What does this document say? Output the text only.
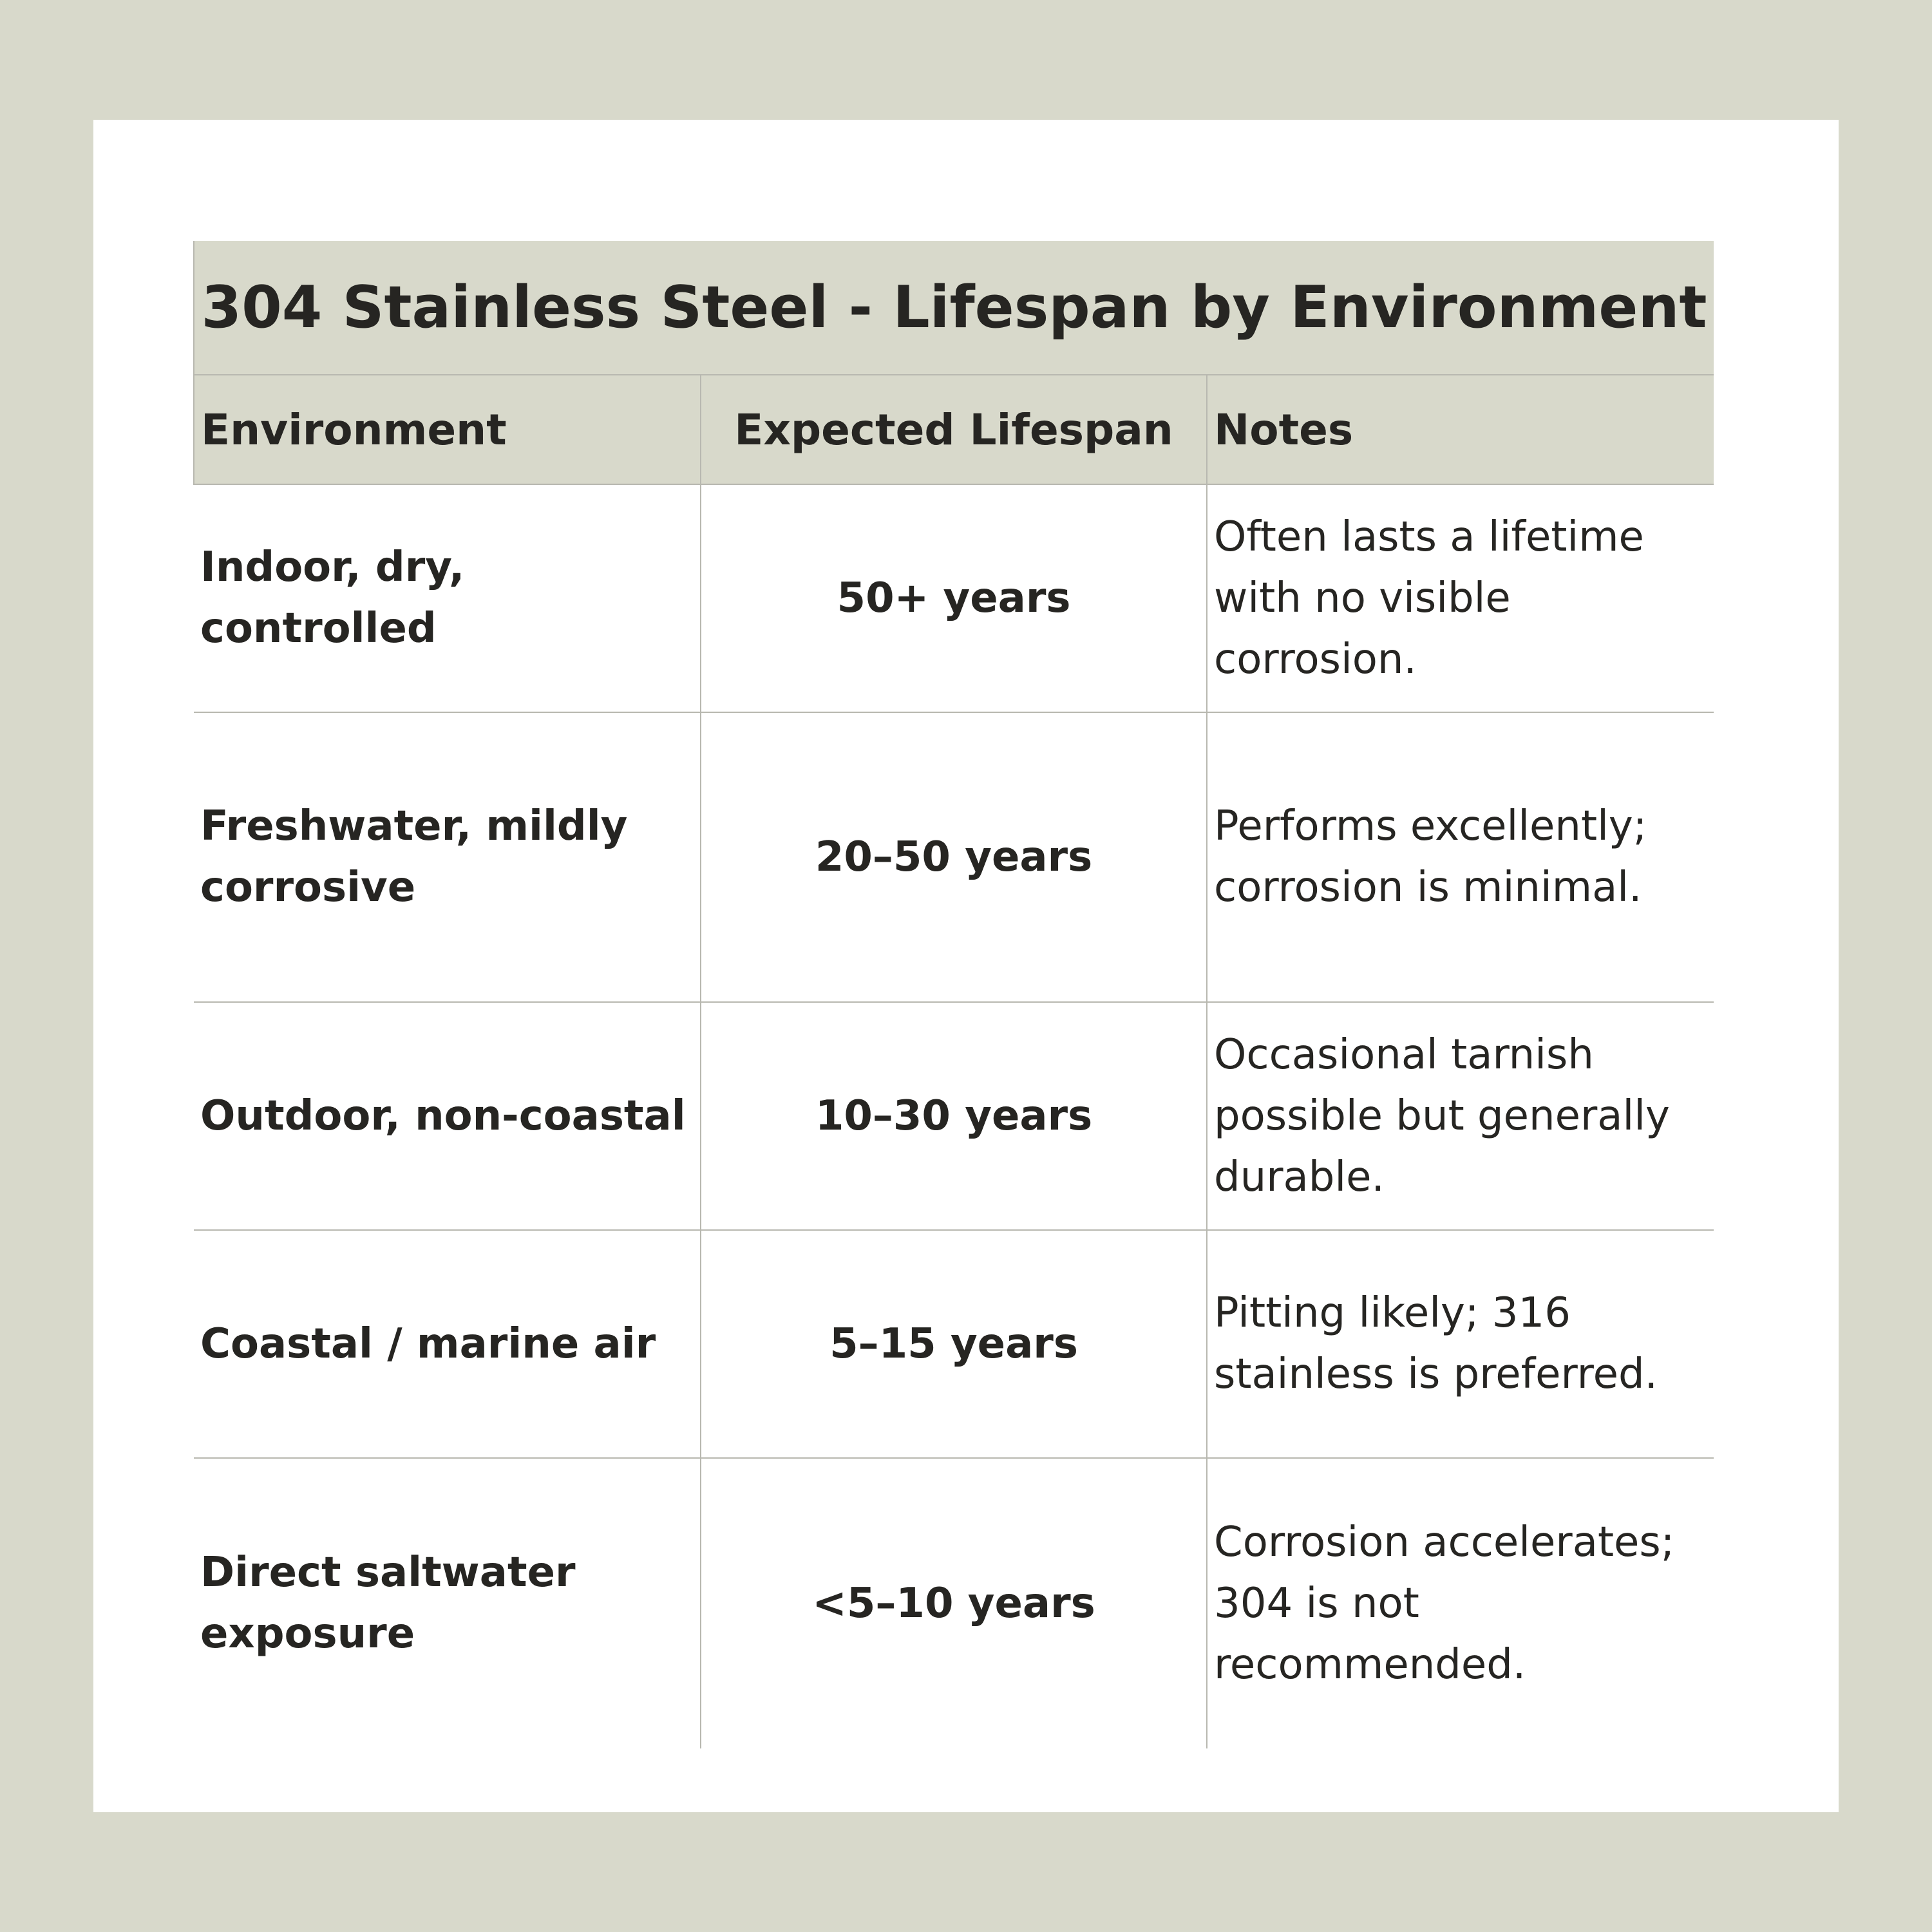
304 Stainless Steel - Lifespan by Environment		
Environment	Expected Lifespan	Notes
Indoor, dry, controlled	50+ years	Often lasts a lifetime with no visible corrosion.
Freshwater, mildly corrosive	20–50 years	Performs excellently; corrosion is minimal.
Outdoor, non-coastal	10–30 years	Occasional tarnish possible but generally durable.
Coastal / marine air	5–15 years	Pitting likely; 316 stainless is preferred.
Direct saltwater exposure	<5–10 years	Corrosion accelerates; 304 is not recommended.
